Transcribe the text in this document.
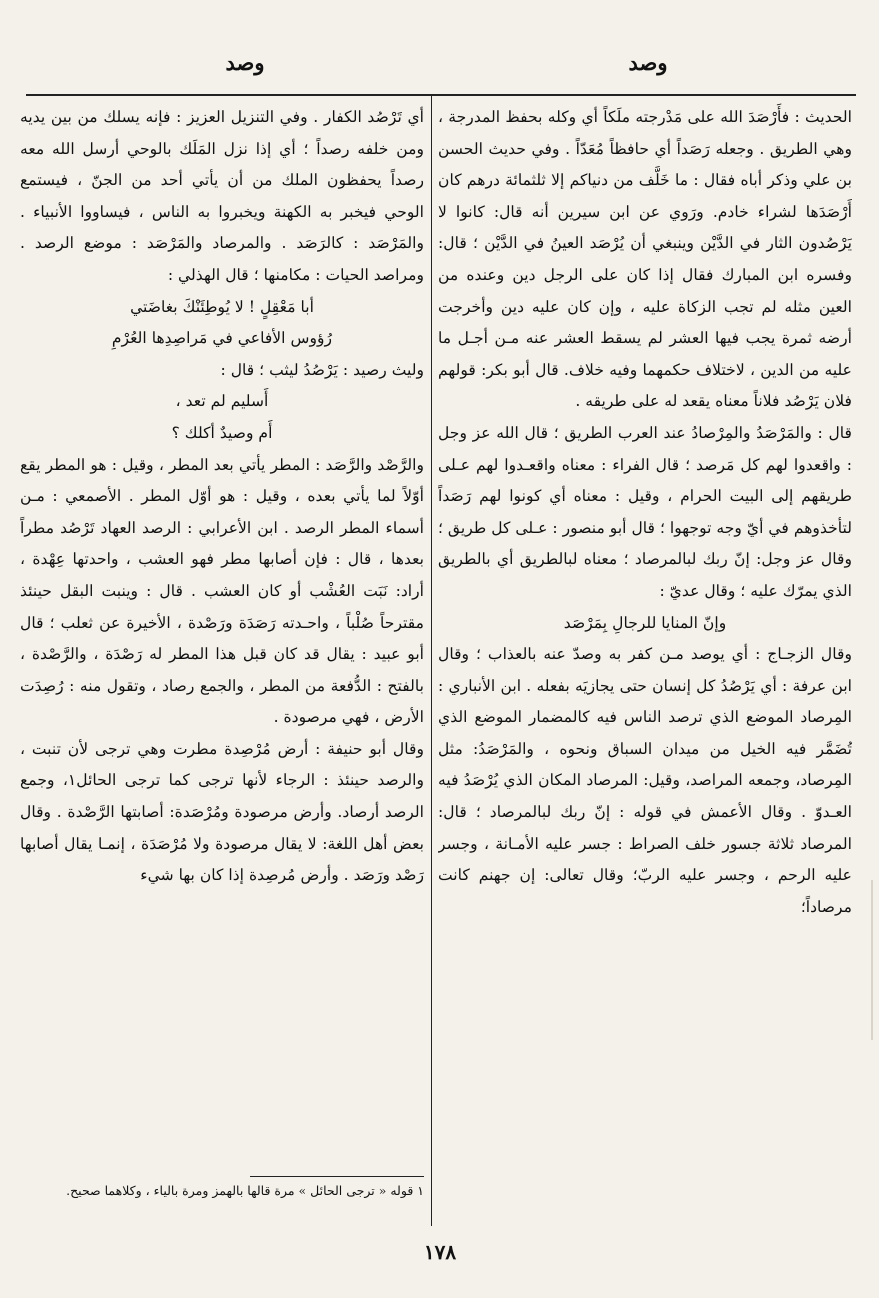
وصد
وصد

الحديث : فأَرْصَدَ الله على مَدْرجته ملَكاً أي وكله بحفظ المدرجة ، وهي الطريق . وجعله رَصَداً أي حافظاً مُعَدّاً . وفي حديث الحسن بن علي وذكر أباه فقال : ما خَلَّف من دنياكم إلا ثلثمائة درهم كان أَرْصَدَها لشراء خادم. ورَوي عن ابن سيرين أنه قال: كانوا لا يَرْصُدون الثار في الدَّيْن وينبغي أن يُرْصَد العينُ في الدَّيْن ؛ قال: وفسره ابن المبارك فقال إذا كان على الرجل دين وعنده من العين مثله لم تجب الزكاة عليه ، وإن كان عليه دين وأخرجت أرضه ثمرة يجب فيها العشر لم يسقط العشر عنه مـن أجـل ما عليه من الدين ، لاختلاف حكمهما وفيه خلاف. قال أبو بكر: قولهم فلان يَرْصُد فلاناً معناه يقعد له على طريقه .

قال : والمَرْصَدُ والمِرْصادُ عند العرب الطريق ؛ قال الله عز وجل : واقعدوا لهم كل مَرصد ؛ قال الفراء : معناه واقعـدوا لهم عـلى طريقهم إلى البيت الحرام ، وقيل : معناه أي كونوا لهم رَصَداً لتأخذوهم في أيّ وجه توجهوا ؛ قال أبو منصور : عـلى كل طريق ؛ وقال عز وجل: إنّ ربك لبالمرصاد ؛ معناه لبالطريق أي بالطريق الذي يمرّك عليه ؛ وقال عديّ :

وإنّ المنايا للرجالِ بِمَرْصَد

وقال الزجـاج : أي يوصد مـن كفر به وصدّ عنه بالعذاب ؛ وقال ابن عرفة : أي يَرْصُدُ كل إنسان حتى يجازيَه بفعله . ابن الأنباري : المِرصاد الموضع الذي ترصد الناس فيه كالمضمار الموضع الذي تُضَمَّر فيه الخيل من ميدان السباق ونحوه ، والمَرْصَدُ: مثل المِرصاد، وجمعه المراصد، وقيل: المرصاد المكان الذي يُرْصَدُ فيه العـدوّ . وقال الأعمش في قوله : إنّ ربك لبالمرصاد ؛ قال: المرصاد ثلاثة جسور خلف الصراط : جسر عليه الأمـانة ، وجسر عليه الرحم ، وجسر عليه الربّ؛ وقال تعالى: إن جهنم كانت مرصاداً؛

أي تَرْصُد الكفار . وفي التنزيل العزيز : فإنه يسلك من بين يديه ومن خلفه رصداً ؛ أي إذا نزل المَلَك بالوحي أرسل الله معه رصداً يحفظون الملك من أن يأتي أحد من الجنّ ، فيستمع الوحي فيخبر به الكهنة ويخبروا به الناس ، فيساووا الأنبياء . والمَرْصَد : كالرَصَد . والمرصاد والمَرْصَد : موضع الرصد . ومراصد الحيات : مكامنها ؛ قال الهذلي :

أبا مَعْقِلٍ ! لا يُوطِئَنْكَ بغاضَتي
رُؤوس الأفاعي في مَراصِدِها العُرْمِ

وليث رصيد : يَرْصُدُ ليثب ؛ قال :

أَسليم لم تعد ،
أَم وصيدٌ أكلك ؟

والرَّصْد والرَّصَد : المطر يأتي بعد المطر ، وقيل : هو المطر يقع أوّلاً لما يأتي بعده ، وقيل : هو أوّل المطر . الأصمعي : مـن أسماء المطر الرصد . ابن الأعرابي : الرصد العهاد تَرْصُد مطراً بعدها ، قال : فإن أصابها مطر فهو العشب ، واحدتها عِهْدة ، أراد: نَبَت العُشْب أو كان العشب . قال : وينبت البقل حينئذ مقترحاً صُلْباً ، واحـدته رَصَدَة ورَصْدة ، الأخيرة عن ثعلب ؛ قال أبو عبيد : يقال قد كان قبل هذا المطر له رَصْدَة ، والرَّصْدة ، بالفتح : الدُّفعة من المطر ، والجمع رصاد ، وتقول منه : رُصِدَت الأرض ، فهي مرصودة .

وقال أبو حنيفة : أرض مُرْصِدة مطرت وهي ترجى لأن تنبت ، والرصد حينئذ : الرجاء لأنها ترجى كما ترجى الحائل١، وجمع الرصد أرصاد. وأرض مرصودة ومُرْصَدة: أصابتها الرَّصْدة . وقال بعض أهل اللغة: لا يقال مرصودة ولا مُرْصَدَة ، إنمـا يقال أصابها رَصْد ورَصَد . وأرض مُرصِدة إذا كان بها شيء

١ قوله « ترجى الحائل » مرة قالها بالهمز ومرة بالياء ، وكلاهما صحيح.
١٧٨
